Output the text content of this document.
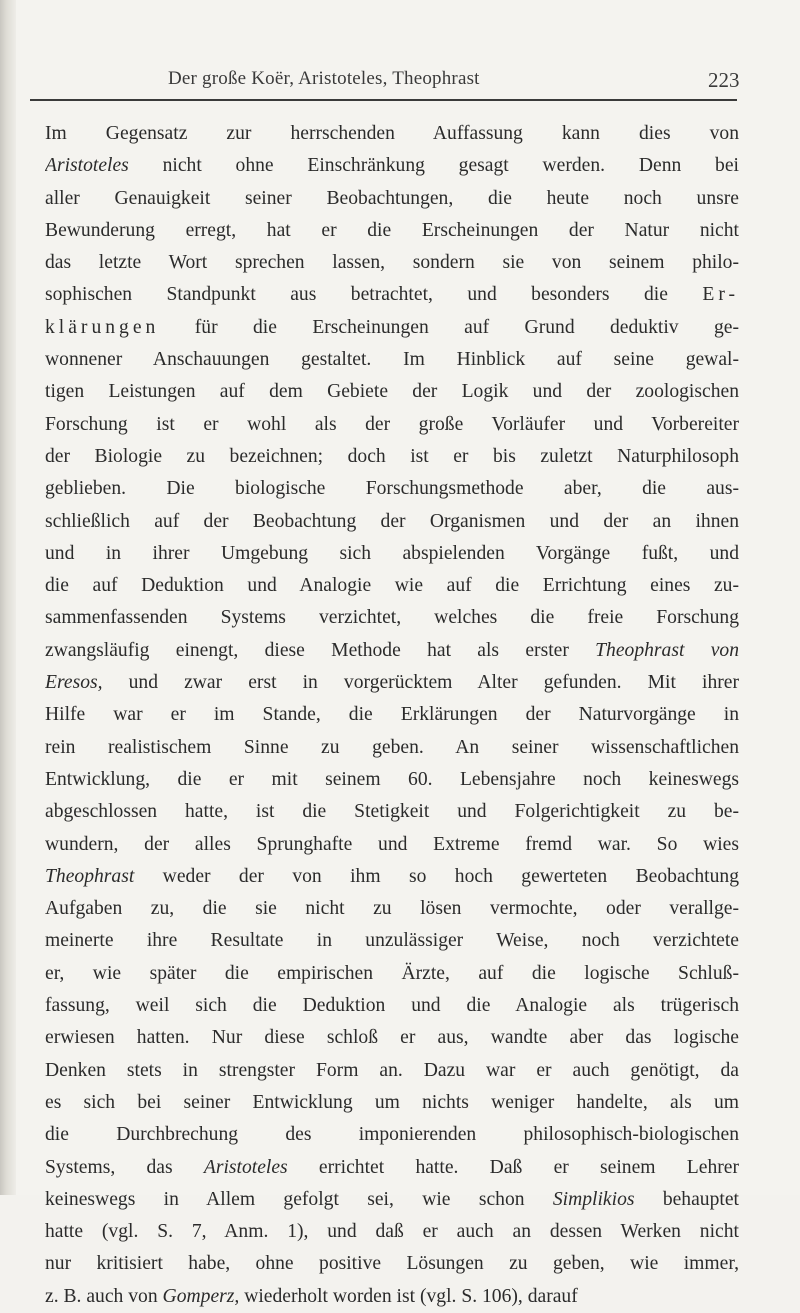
Der große Koër, Aristoteles, Theophrast	223
Im Gegensatz zur herrschenden Auffassung kann dies von
Aristoteles nicht ohne Einschränkung gesagt werden. Denn bei
aller Genauigkeit seiner Beobachtungen, die heute noch unsre
Bewunderung erregt, hat er die Erscheinungen der Natur nicht
das letzte Wort sprechen lassen, sondern sie von seinem philo-
sophischen Standpunkt aus betrachtet, und besonders die Er-
klärungen für die Erscheinungen auf Grund deduktiv ge-
wonnener Anschauungen gestaltet. Im Hinblick auf seine gewal-
tigen Leistungen auf dem Gebiete der Logik und der zoologischen
Forschung ist er wohl als der große Vorläufer und Vorbereiter
der Biologie zu bezeichnen; doch ist er bis zuletzt Naturphilosoph
geblieben. Die biologische Forschungsmethode aber, die aus-
schließlich auf der Beobachtung der Organismen und der an ihnen
und in ihrer Umgebung sich abspielenden Vorgänge fußt, und
die auf Deduktion und Analogie wie auf die Errichtung eines zu-
sammenfassenden Systems verzichtet, welches die freie Forschung
zwangsläufig einengt, diese Methode hat als erster Theophrast von
Eresos, und zwar erst in vorgerücktem Alter gefunden. Mit ihrer
Hilfe war er im Stande, die Erklärungen der Naturvorgänge in
rein realistischem Sinne zu geben. An seiner wissenschaftlichen
Entwicklung, die er mit seinem 60. Lebensjahre noch keineswegs
abgeschlossen hatte, ist die Stetigkeit und Folgerichtigkeit zu be-
wundern, der alles Sprunghafte und Extreme fremd war. So wies
Theophrast weder der von ihm so hoch gewerteten Beobachtung
Aufgaben zu, die sie nicht zu lösen vermochte, oder verallge-
meinerte ihre Resultate in unzulässiger Weise, noch verzichtete
er, wie später die empirischen Ärzte, auf die logische Schluß-
fassung, weil sich die Deduktion und die Analogie als trügerisch
erwiesen hatten. Nur diese schloß er aus, wandte aber das logische
Denken stets in strengster Form an. Dazu war er auch genötigt, da
es sich bei seiner Entwicklung um nichts weniger handelte, als um
die Durchbrechung des imponierenden philosophisch-biologischen
Systems, das Aristoteles errichtet hatte. Daß er seinem Lehrer
keineswegs in Allem gefolgt sei, wie schon Simplikios behauptet
hatte (vgl. S. 7, Anm. 1), und daß er auch an dessen Werken nicht
nur kritisiert habe, ohne positive Lösungen zu geben, wie immer,
z. B. auch von Gomperz, wiederholt worden ist (vgl. S. 106), darauf
